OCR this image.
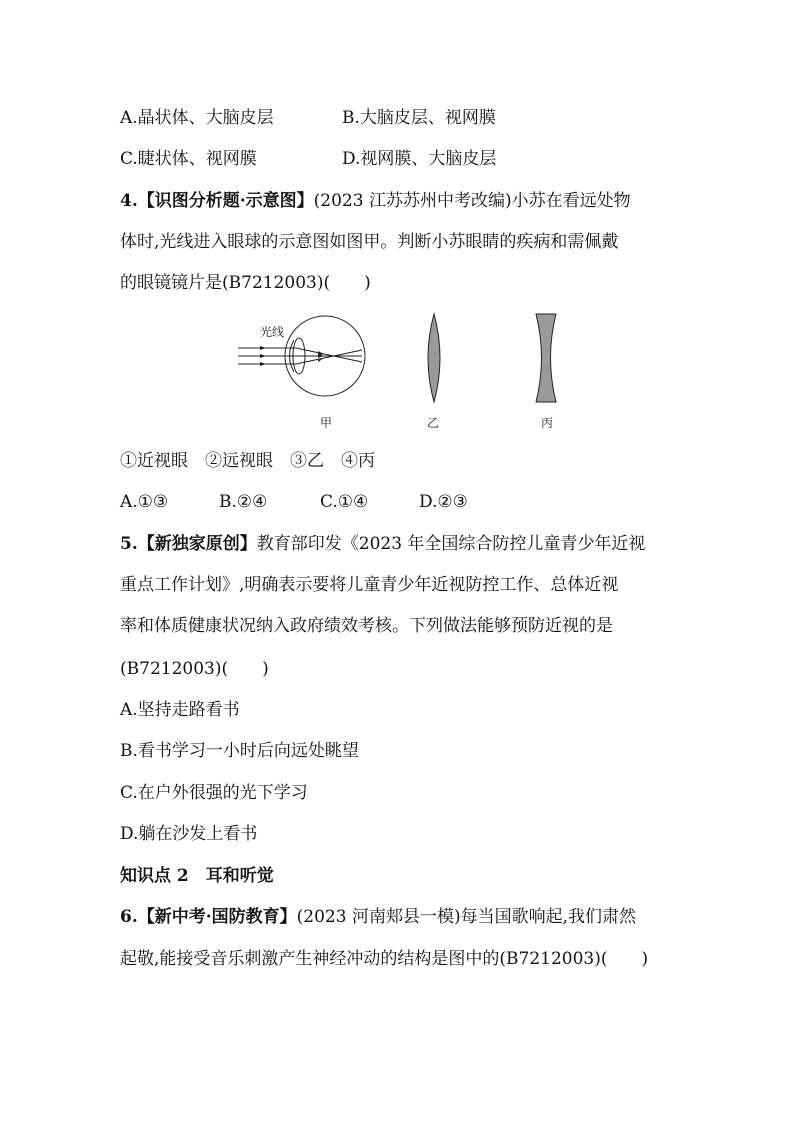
A.晶状体、大脑皮层	B.大脑皮层、视网膜
C.睫状体、视网膜	D.视网膜、大脑皮层
4.【识图分析题·示意图】(2023 江苏苏州中考改编)小苏在看远处物
体时,光线进入眼球的示意图如图甲。判断小苏眼睛的疾病和需佩戴
的眼镜镜片是(B7212003)(　　)
光线
甲	乙	丙
①近视眼　②远视眼　③乙　④丙
A.①③	B.②④	C.①④	D.②③
5.【新独家原创】教育部印发《2023 年全国综合防控儿童青少年近视
重点工作计划》,明确表示要将儿童青少年近视防控工作、总体近视
率和体质健康状况纳入政府绩效考核。下列做法能够预防近视的是
(B7212003)(　　)
A.坚持走路看书
B.看书学习一小时后向远处眺望
C.在户外很强的光下学习
D.躺在沙发上看书
知识点 2　耳和听觉
6.【新中考·国防教育】(2023 河南郏县一模)每当国歌响起,我们肃然
起敬,能接受音乐刺激产生神经冲动的结构是图中的(B7212003)(　　)
